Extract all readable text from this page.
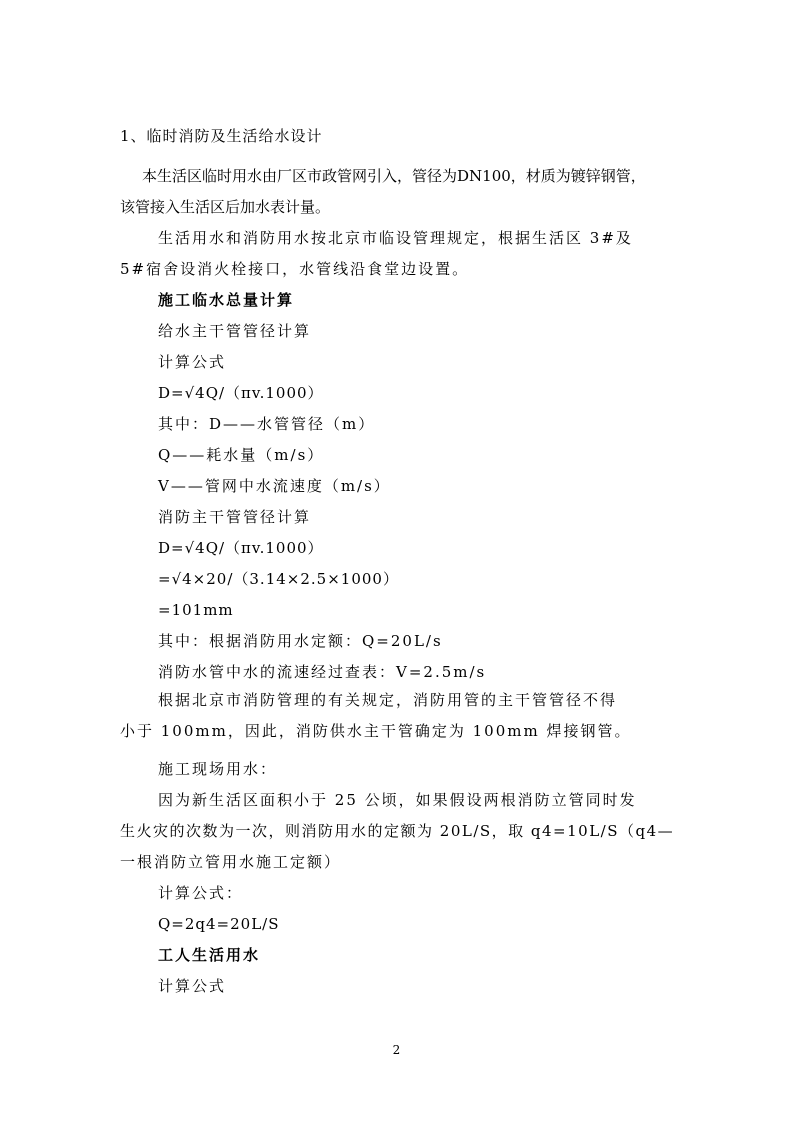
1、临时消防及生活给水设计
本生活区临时用水由厂区市政管网引入，管径为DN100，材质为镀锌钢管，
该管接入生活区后加水表计量。
生活用水和消防用水按北京市临设管理规定，根据生活区 3#及
5#宿舍设消火栓接口，水管线沿食堂边设置。
施工临水总量计算
给水主干管管径计算
计算公式
D=√4Q/（πv.1000）
其中：D——水管管径（m）
Q——耗水量（m/s）
V——管网中水流速度（m/s）
消防主干管管径计算
D=√4Q/（πv.1000）
=√4×20/（3.14×2.5×1000）
=101mm
其中：根据消防用水定额：Q=20L/s
消防水管中水的流速经过查表：V=2.5m/s
根据北京市消防管理的有关规定，消防用管的主干管管径不得
小于 100mm，因此，消防供水主干管确定为 100mm 焊接钢管。
施工现场用水：
因为新生活区面积小于 25 公顷，如果假设两根消防立管同时发
生火灾的次数为一次，则消防用水的定额为 20L/S，取 q4=10L/S（q4—
一根消防立管用水施工定额）
计算公式：
Q=2q4=20L/S
工人生活用水
计算公式
2
